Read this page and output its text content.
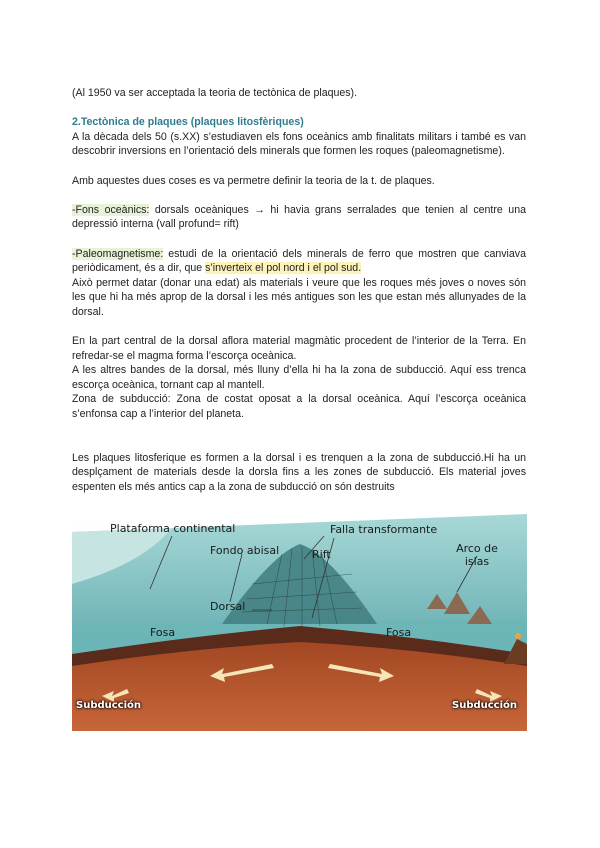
(Al 1950 va ser acceptada la teoria de tectònica de plaques).

2.Tectònica de plaques (plaques litosfèriques)

A la dècada dels 50 (s.XX) s’estudiaven els fons oceànics amb finalitats militars i també es van descobrir inversions en l’orientació dels minerals que formen les roques (paleomagnetisme).

Amb aquestes dues coses es va permetre definir la teoria de la t. de plaques.

-Fons oceànics: dorsals oceàniques → hi havia grans serralades que tenien al centre una depressió interna (vall profund= rift)

-Paleomagnetisme: estudi de la orientació dels minerals de ferro que mostren que canviava periòdicament, és a dir, que s’inverteix el pol nord i el pol sud.

Això permet datar (donar una edat) als materials i veure que les roques més joves o noves són les que hi ha més aprop de la dorsal i les més antigues son les que estan més allunyades de la dorsal.

En la part central de la dorsal aflora material magmàtic procedent de l’interior de la Terra. En refredar-se el magma forma l’escorça oceànica.

A les altres bandes de la dorsal, més lluny d’ella hi ha la zona de subducció. Aquí ess trenca escorça oceànica, tornant cap al mantell.

Zona de subducció: Zona de costat oposat a la dorsal oceànica. Aquí l’escorça oceànica s’enfonsa cap a l’interior del planeta.

Les plaques litosferique es formen a la dorsal i es trenquen a la zona de subducció.Hi ha un desplçament de materials desde la dorsla fins a les zones de subducció. Els material joves espenten els més antics cap a la zona de subducció on són destruits

Plataforma continental	Falla transformante
Fondo abisal	Rift	Arco de islas
Dorsal
Fosa	Fosa
Subducción	Subducción
